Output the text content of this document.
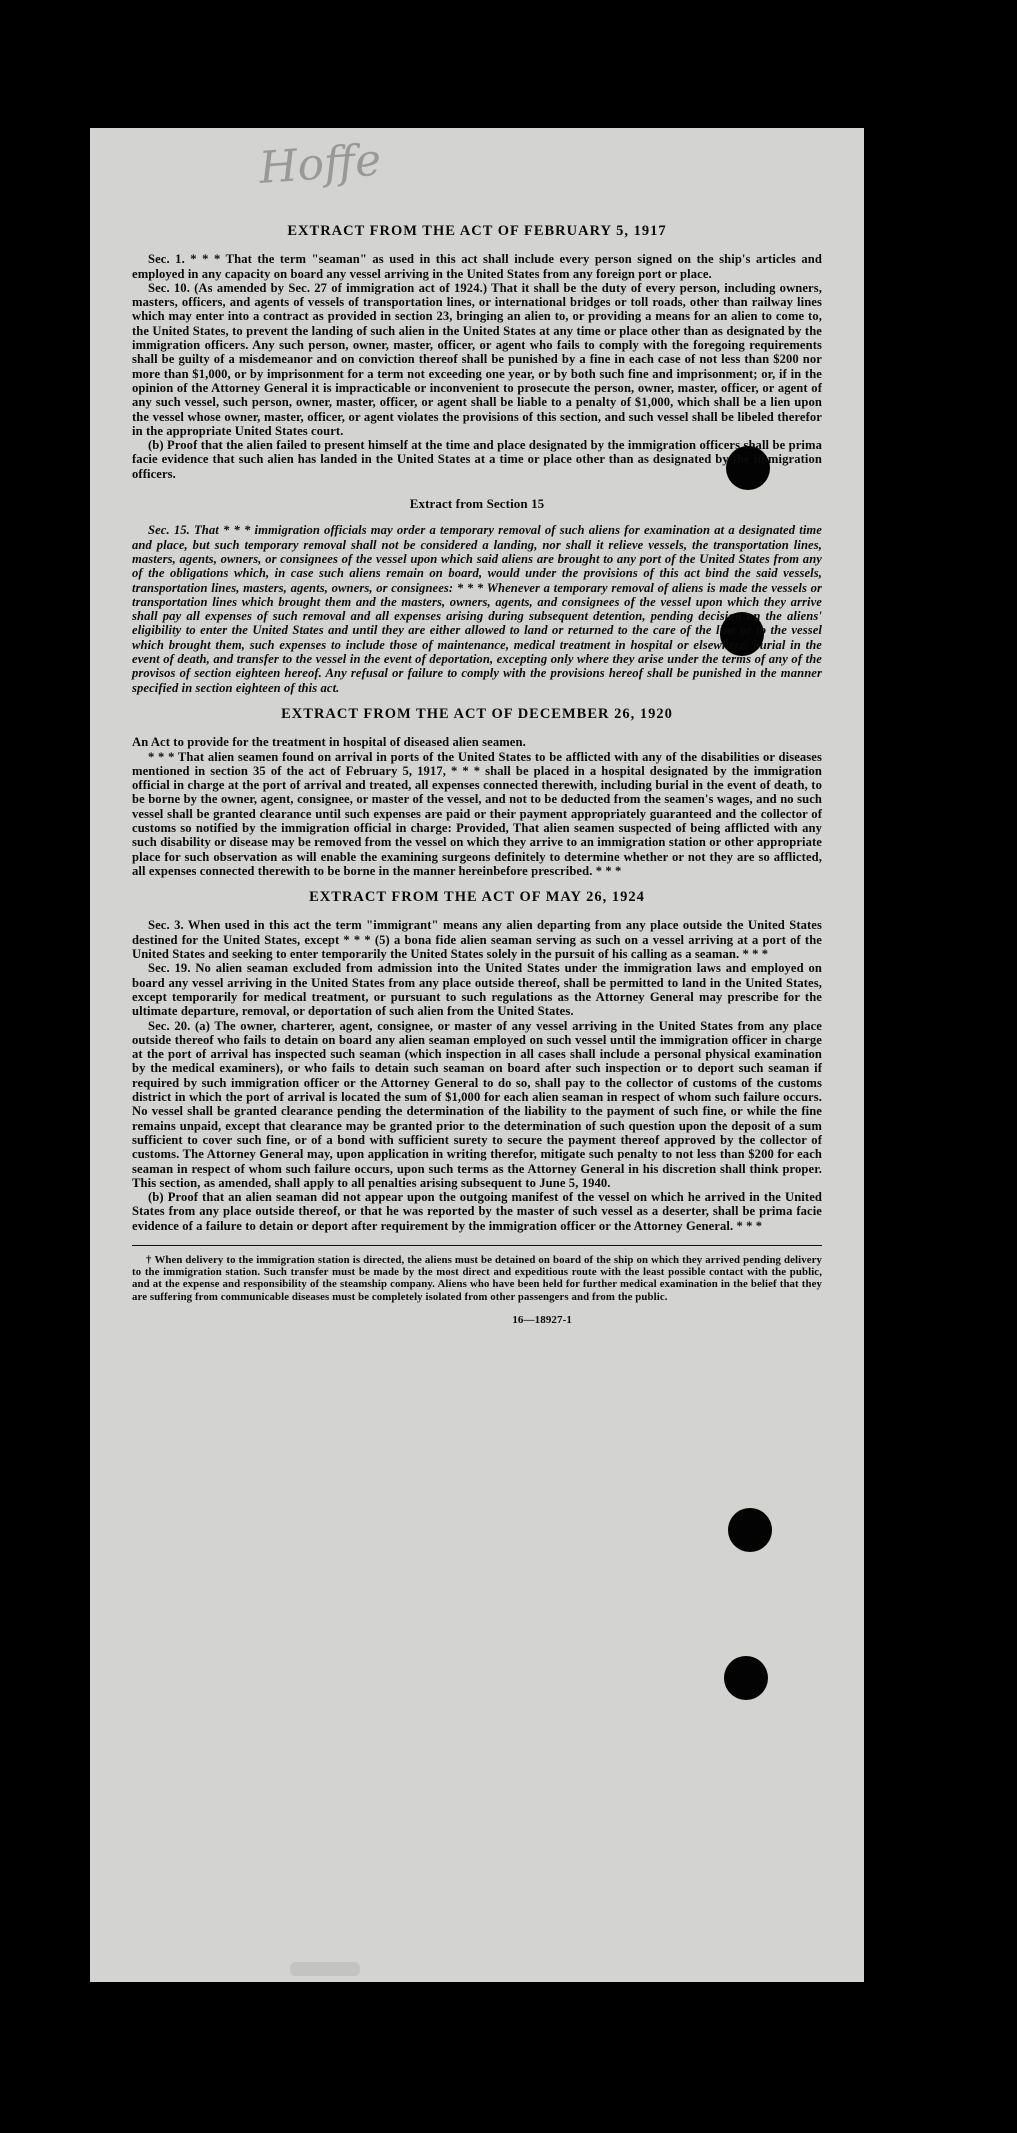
Hoffe
EXTRACT FROM THE ACT OF FEBRUARY 5, 1917

Sec. 1. * * * That the term "seaman" as used in this act shall include every person signed on the ship's articles and employed in any capacity on board any vessel arriving in the United States from any foreign port or place.

Sec. 10. (As amended by Sec. 27 of immigration act of 1924.) That it shall be the duty of every person, including owners, masters, officers, and agents of vessels of transportation lines, or international bridges or toll roads, other than railway lines which may enter into a contract as provided in section 23, bringing an alien to, or providing a means for an alien to come to, the United States, to prevent the landing of such alien in the United States at any time or place other than as designated by the immigration officers. Any such person, owner, master, officer, or agent who fails to comply with the foregoing requirements shall be guilty of a misdemeanor and on conviction thereof shall be punished by a fine in each case of not less than $200 nor more than $1,000, or by imprisonment for a term not exceeding one year, or by both such fine and imprisonment; or, if in the opinion of the Attorney General it is impracticable or inconvenient to prosecute the person, owner, master, officer, or agent of any such vessel, such person, owner, master, officer, or agent shall be liable to a penalty of $1,000, which shall be a lien upon the vessel whose owner, master, officer, or agent violates the provisions of this section, and such vessel shall be libeled therefor in the appropriate United States court.

(b) Proof that the alien failed to present himself at the time and place designated by the immigration officers shall be prima facie evidence that such alien has landed in the United States at a time or place other than as designated by the immigration officers.

Extract from Section 15

Sec. 15. That * * * immigration officials may order a temporary removal of such aliens for examination at a designated time and place, but such temporary removal shall not be considered a landing, nor shall it relieve vessels, the transportation lines, masters, agents, owners, or consignees of the vessel upon which said aliens are brought to any port of the United States from any of the obligations which, in case such aliens remain on board, would under the provisions of this act bind the said vessels, transportation lines, masters, agents, owners, or consignees: * * * Whenever a temporary removal of aliens is made the vessels or transportation lines which brought them and the masters, owners, agents, and consignees of the vessel upon which they arrive shall pay all expenses of such removal and all expenses arising during subsequent detention, pending decision on the aliens' eligibility to enter the United States and until they are either allowed to land or returned to the care of the line or to the vessel which brought them, such expenses to include those of maintenance, medical treatment in hospital or elsewhere, burial in the event of death, and transfer to the vessel in the event of deportation, excepting only where they arise under the terms of any of the provisos of section eighteen hereof. Any refusal or failure to comply with the provisions hereof shall be punished in the manner specified in section eighteen of this act.

EXTRACT FROM THE ACT OF DECEMBER 26, 1920

An Act to provide for the treatment in hospital of diseased alien seamen.

* * * That alien seamen found on arrival in ports of the United States to be afflicted with any of the disabilities or diseases mentioned in section 35 of the act of February 5, 1917, * * * shall be placed in a hospital designated by the immigration official in charge at the port of arrival and treated, all expenses connected therewith, including burial in the event of death, to be borne by the owner, agent, consignee, or master of the vessel, and not to be deducted from the seamen's wages, and no such vessel shall be granted clearance until such expenses are paid or their payment appropriately guaranteed and the collector of customs so notified by the immigration official in charge: Provided, That alien seamen suspected of being afflicted with any such disability or disease may be removed from the vessel on which they arrive to an immigration station or other appropriate place for such observation as will enable the examining surgeons definitely to determine whether or not they are so afflicted, all expenses connected therewith to be borne in the manner hereinbefore prescribed. * * *

EXTRACT FROM THE ACT OF MAY 26, 1924

Sec. 3. When used in this act the term "immigrant" means any alien departing from any place outside the United States destined for the United States, except * * * (5) a bona fide alien seaman serving as such on a vessel arriving at a port of the United States and seeking to enter temporarily the United States solely in the pursuit of his calling as a seaman. * * *

Sec. 19. No alien seaman excluded from admission into the United States under the immigration laws and employed on board any vessel arriving in the United States from any place outside thereof, shall be permitted to land in the United States, except temporarily for medical treatment, or pursuant to such regulations as the Attorney General may prescribe for the ultimate departure, removal, or deportation of such alien from the United States.

Sec. 20. (a) The owner, charterer, agent, consignee, or master of any vessel arriving in the United States from any place outside thereof who fails to detain on board any alien seaman employed on such vessel until the immigration officer in charge at the port of arrival has inspected such seaman (which inspection in all cases shall include a personal physical examination by the medical examiners), or who fails to detain such seaman on board after such inspection or to deport such seaman if required by such immigration officer or the Attorney General to do so, shall pay to the collector of customs of the customs district in which the port of arrival is located the sum of $1,000 for each alien seaman in respect of whom such failure occurs. No vessel shall be granted clearance pending the determination of the liability to the payment of such fine, or while the fine remains unpaid, except that clearance may be granted prior to the determination of such question upon the deposit of a sum sufficient to cover such fine, or of a bond with sufficient surety to secure the payment thereof approved by the collector of customs. The Attorney General may, upon application in writing therefor, mitigate such penalty to not less than $200 for each seaman in respect of whom such failure occurs, upon such terms as the Attorney General in his discretion shall think proper. This section, as amended, shall apply to all penalties arising subsequent to June 5, 1940.

(b) Proof that an alien seaman did not appear upon the outgoing manifest of the vessel on which he arrived in the United States from any place outside thereof, or that he was reported by the master of such vessel as a deserter, shall be prima facie evidence of a failure to detain or deport after requirement by the immigration officer or the Attorney General. * * *

† When delivery to the immigration station is directed, the aliens must be detained on board of the ship on which they arrived pending delivery to the immigration station. Such transfer must be made by the most direct and expeditious route with the least possible contact with the public, and at the expense and responsibility of the steamship company. Aliens who have been held for further medical examination in the belief that they are suffering from communicable diseases must be completely isolated from other passengers and from the public.

16—18927-1
